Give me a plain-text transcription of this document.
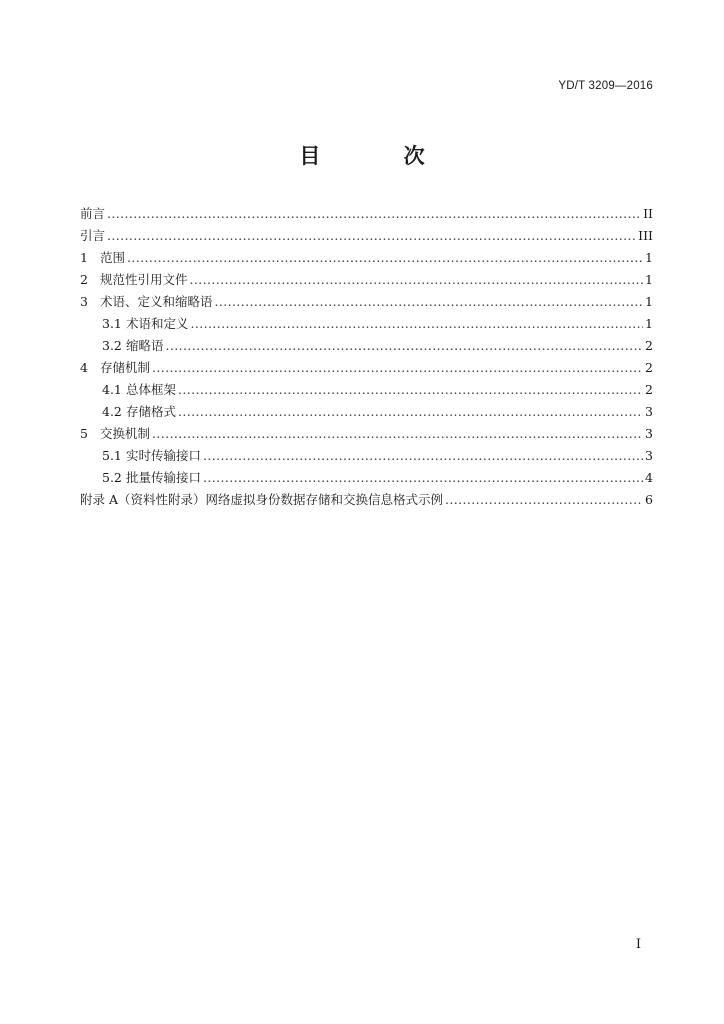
YD/T 3209—2016
目 次
前言 .....	II
引言 .....	III
1 范围 .....	1
2 规范性引用文件 .....	1
3 术语、定义和缩略语 .....	1
3.1 术语和定义 .....	1
3.2 缩略语 .....	2
4 存储机制 .....	2
4.1 总体框架 .....	2
4.2 存储格式 .....	3
5 交换机制 .....	3
5.1 实时传输接口 .....	3
5.2 批量传输接口 .....	4
附录 A（资料性附录）网络虚拟身份数据存储和交换信息格式示例 .....	6
I
